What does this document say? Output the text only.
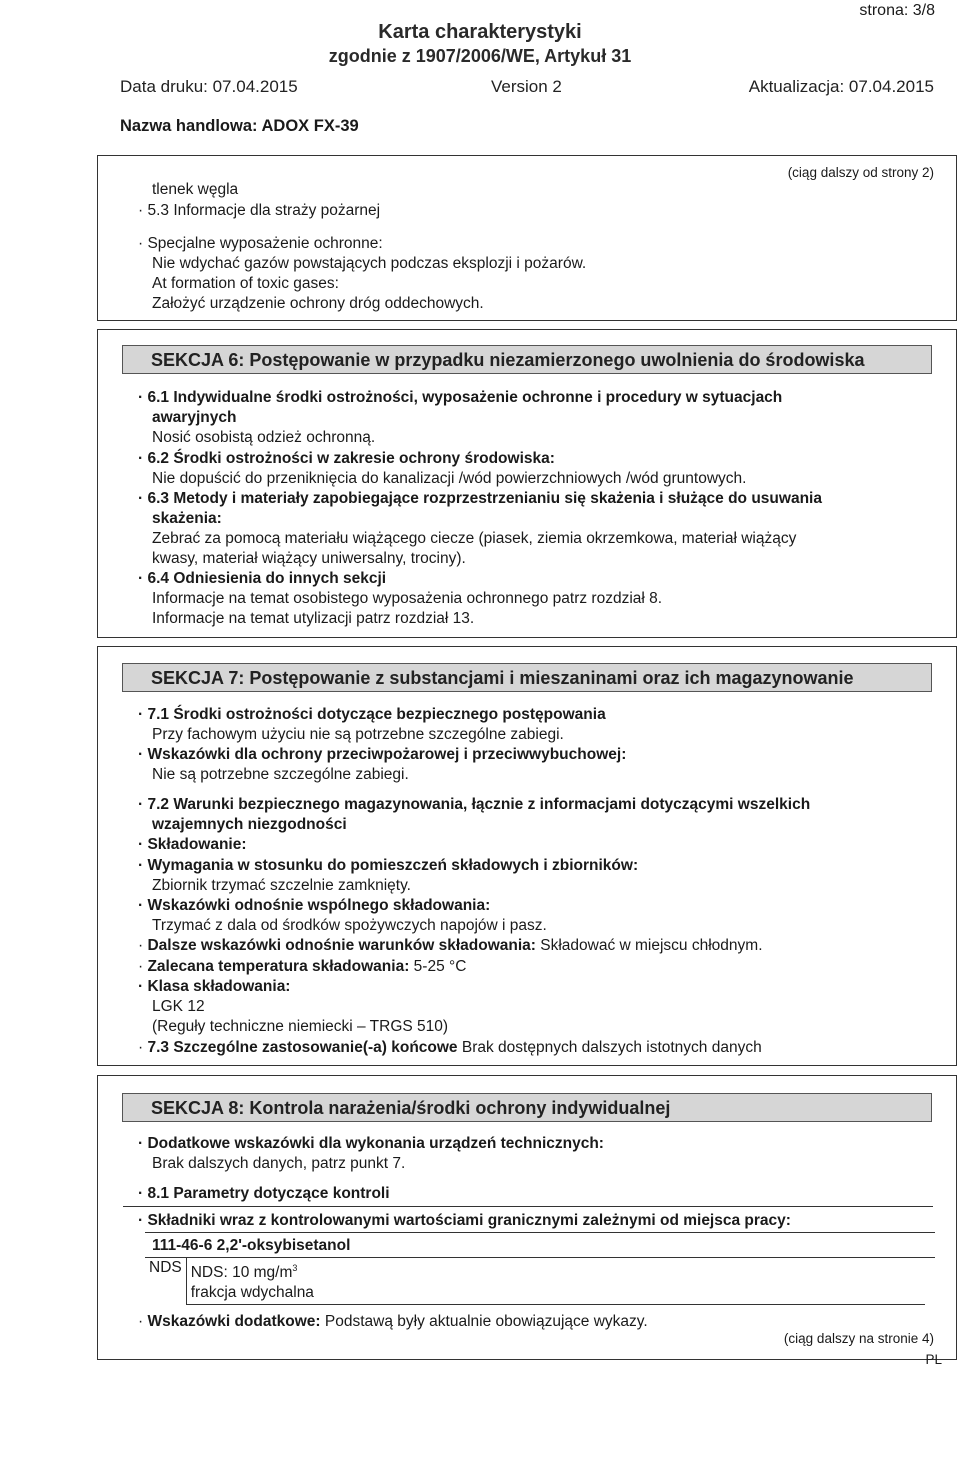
strona: 3/8
Karta charakterystyki
zgodnie z 1907/2006/WE, Artykuł 31
Data druku: 07.04.2015	Version 2	Aktualizacja: 07.04.2015
Nazwa handlowa: ADOX FX-39
(ciąg dalszy od strony 2)
tlenek węgla
· 5.3 Informacje dla straży pożarnej
· Specjalne wyposażenie ochronne:
Nie wdychać gazów powstających podczas eksplozji i pożarów.
At formation of toxic gases:
Założyć urządzenie ochrony dróg oddechowych.
SEKCJA 6: Postępowanie w przypadku niezamierzonego uwolnienia do środowiska
· 6.1 Indywidualne środki ostrożności, wyposażenie ochronne i procedury w sytuacjach
awaryjnych
Nosić osobistą odzież ochronną.
· 6.2 Środki ostrożności w zakresie ochrony środowiska:
Nie dopuścić do przeniknięcia do kanalizacji /wód powierzchniowych /wód gruntowych.
· 6.3 Metody i materiały zapobiegające rozprzestrzenianiu się skażenia i służące do usuwania
skażenia:
Zebrać za pomocą materiału wiążącego ciecze (piasek, ziemia okrzemkowa, materiał wiążący
kwasy, materiał wiążący uniwersalny, trociny).
· 6.4 Odniesienia do innych sekcji
Informacje na temat osobistego wyposażenia ochronnego patrz rozdział 8.
Informacje na temat utylizacji patrz rozdział 13.
SEKCJA 7: Postępowanie z substancjami i mieszaninami oraz ich magazynowanie
· 7.1 Środki ostrożności dotyczące bezpiecznego postępowania
Przy fachowym użyciu nie są potrzebne szczególne zabiegi.
· Wskazówki dla ochrony przeciwpożarowej i przeciwwybuchowej:
Nie są potrzebne szczególne zabiegi.
· 7.2 Warunki bezpiecznego magazynowania, łącznie z informacjami dotyczącymi wszelkich
wzajemnych niezgodności
· Składowanie:
· Wymagania w stosunku do pomieszczeń składowych i zbiorników:
Zbiornik trzymać szczelnie zamknięty.
· Wskazówki odnośnie wspólnego składowania:
Trzymać z dala od środków spożywczych napojów i pasz.
· Dalsze wskazówki odnośnie warunków składowania: Składować w miejscu chłodnym.
· Zalecana temperatura składowania: 5-25 °C
· Klasa składowania:
LGK 12
(Reguły techniczne niemiecki – TRGS 510)
· 7.3 Szczególne zastosowanie(-a) końcowe Brak dostępnych dalszych istotnych danych
SEKCJA 8: Kontrola narażenia/środki ochrony indywidualnej
· Dodatkowe wskazówki dla wykonania urządzeń technicznych:
Brak dalszych danych, patrz punkt 7.
· 8.1 Parametry dotyczące kontroli
· Składniki wraz z kontrolowanymi wartościami granicznymi zależnymi od miejsca pracy:
111-46-6 2,2'-oksybisetanol
NDS	NDS: 10 $mg/m^3$
frakcja wdychalna
· Wskazówki dodatkowe: Podstawą były aktualnie obowiązujące wykazy.
(ciąg dalszy na stronie 4)
PL
